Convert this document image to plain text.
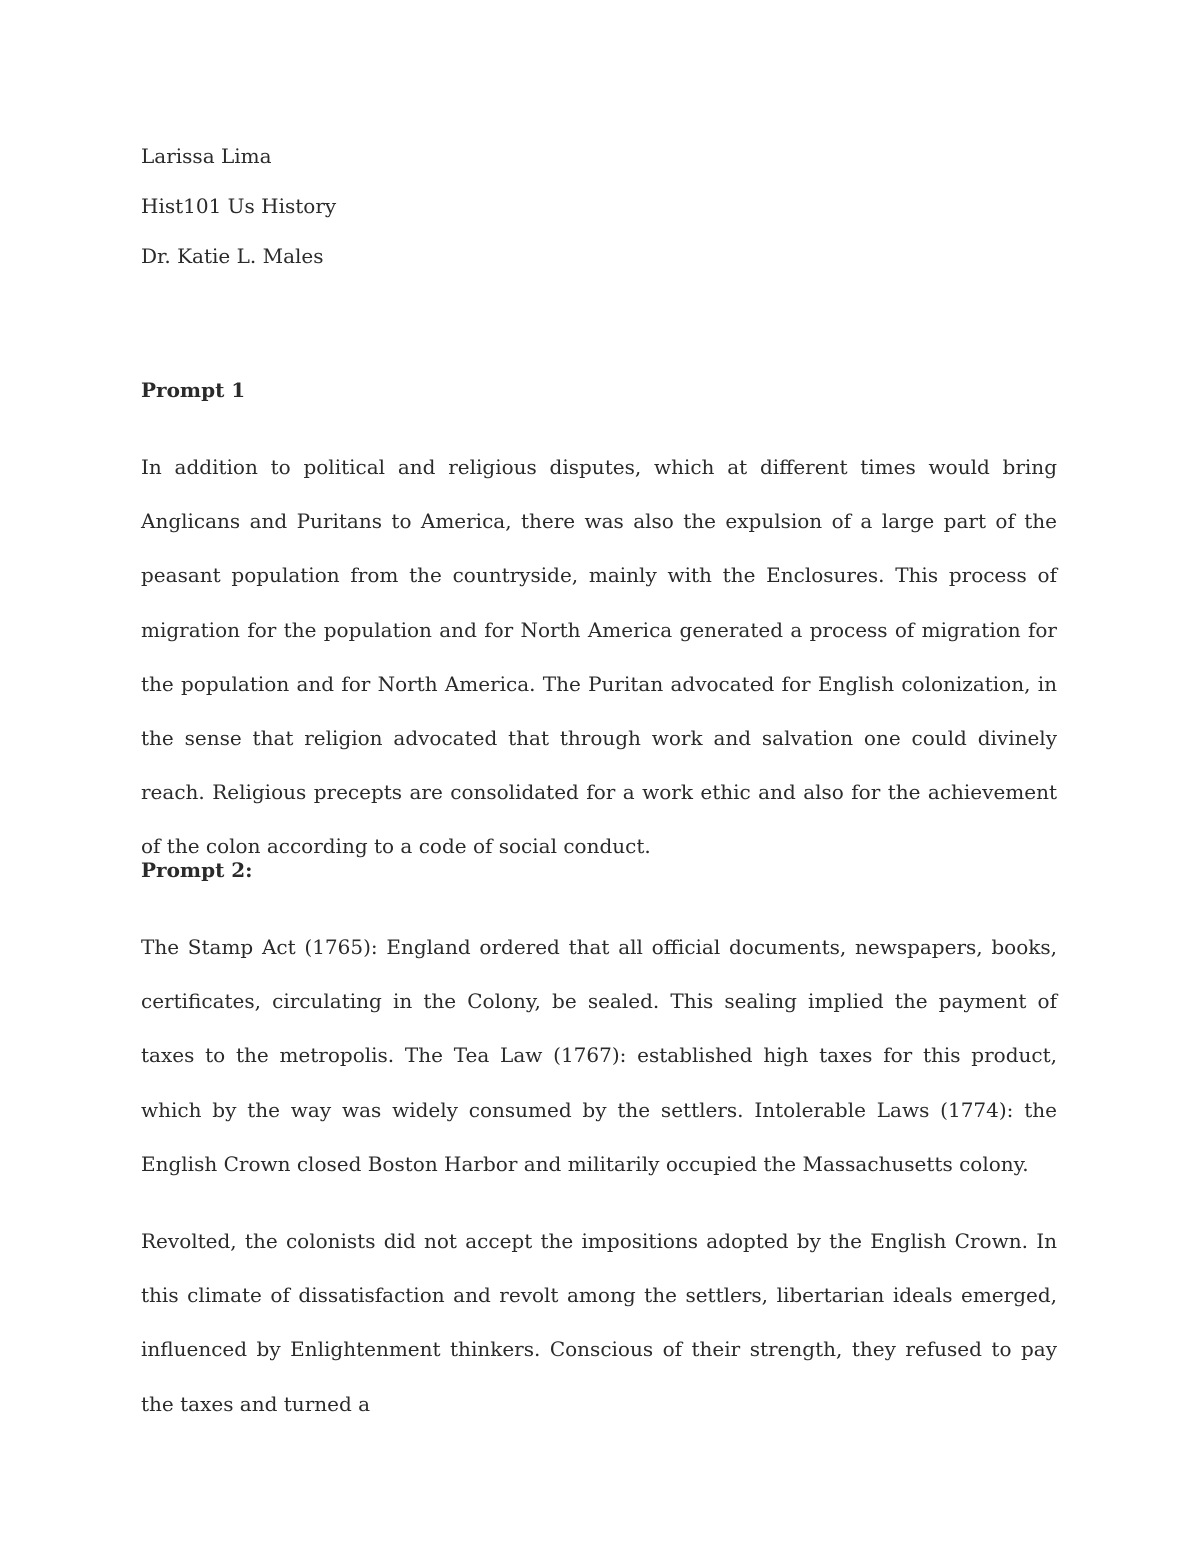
Larissa Lima
Hist101 Us History
Dr. Katie L. Males
Prompt 1

In addition to political and religious disputes, which at different times would bring Anglicans and Puritans to America, there was also the expulsion of a large part of the peasant population from the countryside, mainly with the Enclosures. This process of migration for the population and for North America generated a process of migration for the population and for North America. The Puritan advocated for English colonization, in the sense that religion advocated that through work and salvation one could divinely reach. Religious precepts are consolidated for a work ethic and also for the achievement of the colon according to a code of social conduct.

Prompt 2:

The Stamp Act (1765): England ordered that all official documents, newspapers, books, certificates, circulating in the Colony, be sealed. This sealing implied the payment of taxes to the metropolis. The Tea Law (1767): established high taxes for this product, which by the way was widely consumed by the settlers. Intolerable Laws (1774): the English Crown closed Boston Harbor and militarily occupied the Massachusetts colony.

Revolted, the colonists did not accept the impositions adopted by the English Crown. In this climate of dissatisfaction and revolt among the settlers, libertarian ideals emerged, influenced by Enlightenment thinkers. Conscious of their strength, they refused to pay the taxes and turned a
